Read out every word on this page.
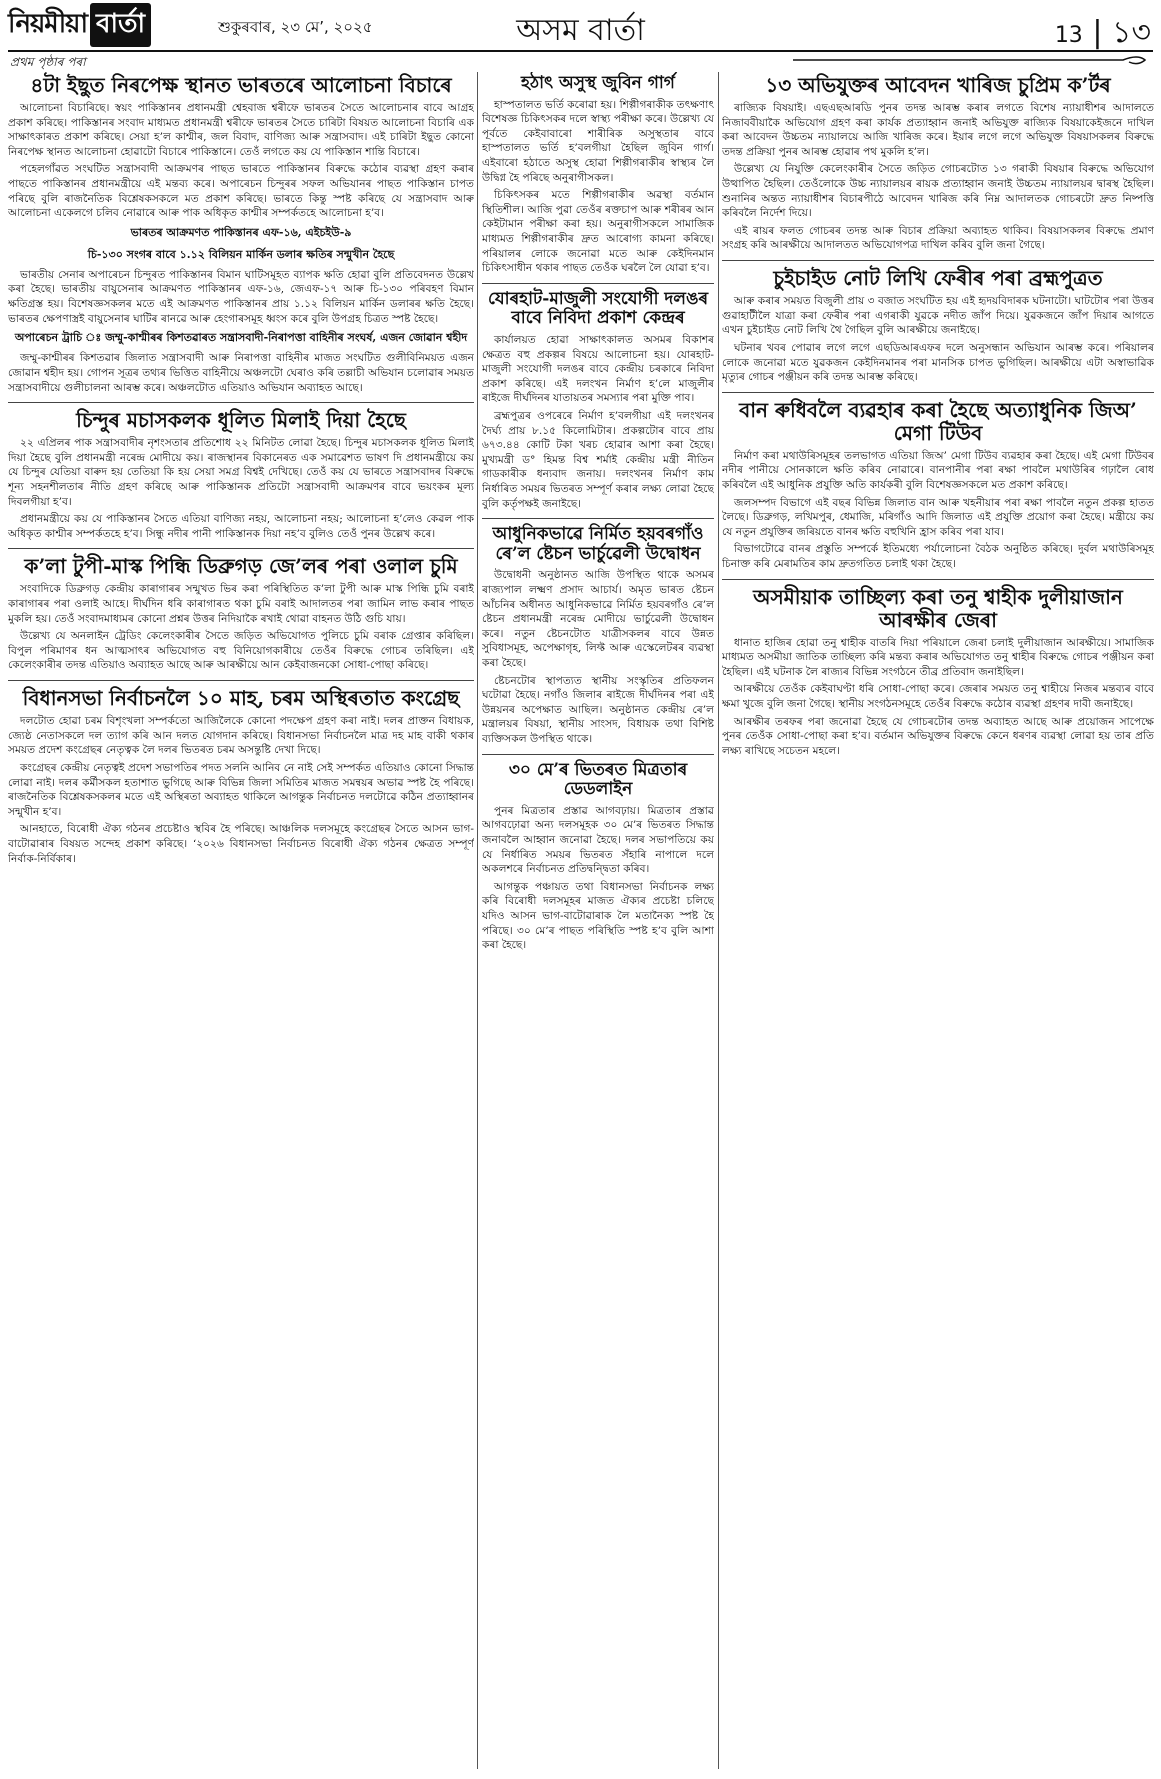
নিয়মীয়া বাৰ্তা	শুকুৰবাৰ, ২৩ মে’, ২০২৫	অসম বাৰ্তা	13 | ১৩
প্ৰথম পৃষ্ঠাৰ পৰা
৪টা ইছুত নিৰপেক্ষ স্থানত ভাৰতৰে আলোচনা বিচাৰে

আলোচনা বিচাৰিছে। স্বয়ং পাকিস্তানৰ প্ৰধানমন্ত্ৰী শ্বেহবাজ শ্বৰীফে ভাৰতৰ সৈতে আলোচনাৰ বাবে আগ্ৰহ প্ৰকাশ কৰিছে। পাকিস্তানৰ সংবাদ মাধ্যমত প্ৰধানমন্ত্ৰী শ্বৰীফে ভাৰতৰ সৈতে চাৰিটা বিষয়ত আলোচনা বিচাৰি এক সাক্ষাৎকাৰত প্ৰকাশ কৰিছে। সেয়া হ’ল কাশ্মীৰ, জল বিবাদ, বাণিজ্য আৰু সন্ত্ৰাসবাদ। এই চাৰিটা ইছুত কোনো নিৰপেক্ষ স্থানত আলোচনা হোৱাটো বিচাৰে পাকিস্তানে। তেওঁ লগতে কয় যে পাকিস্তান শান্তি বিচাৰে।

পহেলগাঁৱত সংঘটিত সন্ত্ৰাসবাদী আক্ৰমণৰ পাছত ভাৰতে পাকিস্তানৰ বিৰুদ্ধে কঠোৰ ব্যৱস্থা গ্ৰহণ কৰাৰ পাছতে পাকিস্তানৰ প্ৰধানমন্ত্ৰীয়ে এই মন্তব্য কৰে। অপাৰেচন চিন্দুৰৰ সফল অভিযানৰ পাছত পাকিস্তান চাপত পৰিছে বুলি ৰাজনৈতিক বিশ্লেষকসকলে মত প্ৰকাশ কৰিছে। ভাৰতে কিন্তু স্পষ্ট কৰিছে যে সন্ত্ৰাসবাদ আৰু আলোচনা একেলগে চলিব নোৱাৰে আৰু পাক অধিকৃত কাশ্মীৰ সম্পৰ্কতহে আলোচনা হ’ব।

ভাৰতৰ আক্ৰমণত পাকিস্তানৰ এফ-১৬, এইচইউ-৯
চি-১৩০ সংগৰ বাবে ১.১২ বিলিয়ন মাৰ্কিন ডলাৰ ক্ষতিৰ সন্মুখীন হৈছে

ভাৰতীয় সেনাৰ অপাৰেচন চিন্দুৰত পাকিস্তানৰ বিমান ঘাটিসমূহত ব্যাপক ক্ষতি হোৱা বুলি প্ৰতিবেদনত উল্লেখ কৰা হৈছে। ভাৰতীয় বায়ুসেনাৰ আক্ৰমণত পাকিস্তানৰ এফ-১৬, জেএফ-১৭ আৰু চি-১৩০ পৰিবহণ বিমান ক্ষতিগ্ৰস্ত হয়। বিশেষজ্ঞসকলৰ মতে এই আক্ৰমণত পাকিস্তানৰ প্ৰায় ১.১২ বিলিয়ন মাৰ্কিন ডলাৰৰ ক্ষতি হৈছে। ভাৰতৰ ক্ষেপণাস্ত্ৰই বায়ুসেনাৰ ঘাটিৰ ৰানৱে আৰু হেংগাৰসমূহ ধ্বংস কৰে বুলি উপগ্ৰহ চিত্ৰত স্পষ্ট হৈছে।

অপাৰেচন ট্ৰাচি ঃ জম্মু-কাশ্মীৰৰ কিশতৱাৰত সন্ত্ৰাসবাদী-নিৰাপত্তা বাহিনীৰ সংঘৰ্ষ, এজন জোৱান শ্বহীদ

জম্মু-কাশ্মীৰৰ কিশতৱাৰ জিলাত সন্ত্ৰাসবাদী আৰু নিৰাপত্তা বাহিনীৰ মাজত সংঘটিত গুলীবিনিময়ত এজন জোৱান শ্বহীদ হয়। গোপন সূত্ৰৰ তথ্যৰ ভিত্তিত বাহিনীয়ে অঞ্চলটো ঘেৰাও কৰি তল্লাচী অভিযান চলোৱাৰ সময়ত সন্ত্ৰাসবাদীয়ে গুলীচালনা আৰম্ভ কৰে। অঞ্চলটোত এতিয়াও অভিযান অব্যাহত আছে।

চিন্দুৰ মচাসকলক ধূলিত মিলাই দিয়া হৈছে

২২ এপ্ৰিলৰ পাক সন্ত্ৰাসবাদীৰ নৃশংসতাৰ প্ৰতিশোধ ২২ মিনিটত লোৱা হৈছে। চিন্দুৰ মচাসকলক ধূলিত মিলাই দিয়া হৈছে বুলি প্ৰধানমন্ত্ৰী নৰেন্দ্ৰ মোদীয়ে কয়। ৰাজস্থানৰ বিকানেৰত এক সমাৱেশত ভাষণ দি প্ৰধানমন্ত্ৰীয়ে কয় যে চিন্দুৰ যেতিয়া বাৰুদ হয় তেতিয়া কি হয় সেয়া সমগ্ৰ বিশ্বই দেখিছে। তেওঁ কয় যে ভাৰতে সন্ত্ৰাসবাদৰ বিৰুদ্ধে শূন্য সহনশীলতাৰ নীতি গ্ৰহণ কৰিছে আৰু পাকিস্তানক প্ৰতিটো সন্ত্ৰাসবাদী আক্ৰমণৰ বাবে ভয়ংকৰ মূল্য দিবলগীয়া হ’ব।

প্ৰধানমন্ত্ৰীয়ে কয় যে পাকিস্তানৰ সৈতে এতিয়া বাণিজ্য নহয়, আলোচনা নহয়; আলোচনা হ’লেও কেৱল পাক অধিকৃত কাশ্মীৰ সম্পৰ্কতহে হ’ব। সিন্ধু নদীৰ পানী পাকিস্তানক দিয়া নহ’ব বুলিও তেওঁ পুনৰ উল্লেখ কৰে।

ক’লা টুপী-মাস্ক পিন্ধি ডিব্ৰুগড় জে’লৰ পৰা ওলাল চুমি

সংবাদিকে ডিব্ৰুগড় কেন্দ্ৰীয় কাৰাগাৰৰ সন্মুখত ভিৰ কৰা পৰিস্থিতিত ক’লা টুপী আৰু মাস্ক পিন্ধি চুমি বৰাই কাৰাগাৰৰ পৰা ওলাই আহে। দীৰ্ঘদিন ধৰি কাৰাগাৰত থকা চুমি বৰাই আদালতৰ পৰা জামিন লাভ কৰাৰ পাছত মুকলি হয়। তেওঁ সংবাদমাধ্যমৰ কোনো প্ৰশ্নৰ উত্তৰ নিদিয়াকৈ ৰখাই থোৱা বাহনত উঠি গুচি যায়।

উল্লেখ্য যে অনলাইন ট্ৰেডিং কেলেংকাৰীৰ সৈতে জড়িত অভিযোগত পুলিচে চুমি বৰাক গ্ৰেপ্তাৰ কৰিছিল। বিপুল পৰিমাণৰ ধন আত্মসাৎৰ অভিযোগত বহু বিনিয়োগকাৰীয়ে তেওঁৰ বিৰুদ্ধে গোচৰ তৰিছিল। এই কেলেংকাৰীৰ তদন্ত এতিয়াও অব্যাহত আছে আৰু আৰক্ষীয়ে আন কেইবাজনকো সোধা-পোছা কৰিছে।

বিধানসভা নিৰ্বাচনলৈ ১০ মাহ, চৰম অস্থিৰতাত কংগ্ৰেছ

দলটোত হোৱা চৰম বিশৃংখলা সম্পৰ্কতো আজিলৈকে কোনো পদক্ষেপ গ্ৰহণ কৰা নাই। দলৰ প্ৰাক্তন বিধায়ক, জ্যেষ্ঠ নেতাসকলে দল ত্যাগ কৰি আন দলত যোগদান কৰিছে। বিধানসভা নিৰ্বাচনলৈ মাত্ৰ দহ মাহ বাকী থকাৰ সময়ত প্ৰদেশ কংগ্ৰেছৰ নেতৃত্বক লৈ দলৰ ভিতৰত চৰম অসন্তুষ্টি দেখা দিছে।

কংগ্ৰেছৰ কেন্দ্ৰীয় নেতৃত্বই প্ৰদেশ সভাপতিৰ পদত সলনি আনিব নে নাই সেই সম্পৰ্কত এতিয়াও কোনো সিদ্ধান্ত লোৱা নাই। দলৰ কৰ্মীসকল হতাশাত ভুগিছে আৰু বিভিন্ন জিলা সমিতিৰ মাজত সমন্বয়ৰ অভাৱ স্পষ্ট হৈ পৰিছে। ৰাজনৈতিক বিশ্লেষকসকলৰ মতে এই অস্থিৰতা অব্যাহত থাকিলে আগন্তুক নিৰ্বাচনত দলটোৱে কঠিন প্ৰত্যাহ্বানৰ সন্মুখীন হ’ব।

আনহাতে, বিৰোধী ঐক্য গঠনৰ প্ৰচেষ্টাও স্থবিৰ হৈ পৰিছে। আঞ্চলিক দলসমূহে কংগ্ৰেছৰ সৈতে আসন ভাগ-বাটোৱাৰাৰ বিষয়ত সন্দেহ প্ৰকাশ কৰিছে। ‘২০২৬ বিধানসভা নিৰ্বাচনত বিৰোধী ঐক্য গঠনৰ ক্ষেত্ৰত সম্পূৰ্ণ নিৰ্বাক-নিৰ্বিকাৰ।

হঠাৎ অসুস্থ জুবিন গাৰ্গ

হাস্পতালত ভৰ্তি কৰোৱা হয়। শিল্পীগৰাকীক তৎক্ষণাৎ বিশেষজ্ঞ চিকিৎসকৰ দলে স্বাস্থ্য পৰীক্ষা কৰে। উল্লেখ্য যে পূৰ্বতে কেইবাবাৰো শাৰীৰিক অসুস্থতাৰ বাবে হাস্পতালত ভৰ্তি হ’বলগীয়া হৈছিল জুবিন গাৰ্গ। এইবাৰো হঠাতে অসুস্থ হোৱা শিল্পীগৰাকীৰ স্বাস্থ্যৰ লৈ উদ্বিগ্ন হৈ পৰিছে অনুৰাগীসকল।

চিকিৎসকৰ মতে শিল্পীগৰাকীৰ অৱস্থা বৰ্তমান স্থিতিশীল। আজি পুৱা তেওঁৰ ৰক্তচাপ আৰু শৰীৰৰ আন কেইটামান পৰীক্ষা কৰা হয়। অনুৰাগীসকলে সামাজিক মাধ্যমত শিল্পীগৰাকীৰ দ্ৰুত আৰোগ্য কামনা কৰিছে। পৰিয়ালৰ লোকে জনোৱা মতে আৰু কেইদিনমান চিকিৎসাধীন থকাৰ পাছত তেওঁক ঘৰলৈ লৈ যোৱা হ’ব।

যোৰহাট-মাজুলী সংযোগী দলঙৰ বাবে নিবিদা প্ৰকাশ কেন্দ্ৰৰ

কাৰ্যালয়ত হোৱা সাক্ষাৎকালত অসমৰ বিকাশৰ ক্ষেত্ৰত বহু প্ৰকল্পৰ বিষয়ে আলোচনা হয়। যোৰহাট-মাজুলী সংযোগী দলঙৰ বাবে কেন্দ্ৰীয় চৰকাৰে নিবিদা প্ৰকাশ কৰিছে। এই দলংখন নিৰ্মাণ হ’লে মাজুলীৰ ৰাইজে দীৰ্ঘদিনৰ যাতায়তৰ সমস্যাৰ পৰা মুক্তি পাব।

ব্ৰহ্মপুত্ৰৰ ওপৰেৰে নিৰ্মাণ হ’বলগীয়া এই দলংখনৰ দৈৰ্ঘ্য প্ৰায় ৮.১৫ কিলোমিটাৰ। প্ৰকল্পটোৰ বাবে প্ৰায় ৬৭৩.৪৪ কোটি টকা খৰচ হোৱাৰ আশা কৰা হৈছে। মুখ্যমন্ত্ৰী ড° হিমন্ত বিশ্ব শৰ্মাই কেন্দ্ৰীয় মন্ত্ৰী নীতিন গাডকাৰীক ধন্যবাদ জনায়। দলংখনৰ নিৰ্মাণ কাম নিৰ্ধাৰিত সময়ৰ ভিতৰত সম্পূৰ্ণ কৰাৰ লক্ষ্য লোৱা হৈছে বুলি কৰ্তৃপক্ষই জনাইছে।

আধুনিকভাৱে নিৰ্মিত হয়বৰগাঁও ৰে’ল ষ্টেচন ভাৰ্চুৱেলী উদ্বোধন

উদ্বোধনী অনুষ্ঠানত আজি উপস্থিত থাকে অসমৰ ৰাজ্যপাল লক্ষ্মণ প্ৰসাদ আচাৰ্য। অমৃত ভাৰত ষ্টেচন আঁচনিৰ অধীনত আধুনিকভাৱে নিৰ্মিত হয়বৰগাঁও ৰে’ল ষ্টেচন প্ৰধানমন্ত্ৰী নৰেন্দ্ৰ মোদীয়ে ভাৰ্চুৱেলী উদ্বোধন কৰে। নতুন ষ্টেচনটোত যাত্ৰীসকলৰ বাবে উন্নত সুবিধাসমূহ, অপেক্ষাগৃহ, লিফ্ট আৰু এস্কেলেটৰৰ ব্যৱস্থা কৰা হৈছে।

ষ্টেচনটোৰ স্থাপত্যত স্থানীয় সংস্কৃতিৰ প্ৰতিফলন ঘটোৱা হৈছে। নগাঁও জিলাৰ ৰাইজে দীৰ্ঘদিনৰ পৰা এই উন্নয়নৰ অপেক্ষাত আছিল। অনুষ্ঠানত কেন্দ্ৰীয় ৰে’ল মন্ত্ৰালয়ৰ বিষয়া, স্থানীয় সাংসদ, বিধায়ক তথা বিশিষ্ট ব্যক্তিসকল উপস্থিত থাকে।

৩০ মে’ৰ ভিতৰত মিত্ৰতাৰ ডেডলাইন

পুনৰ মিত্ৰতাৰ প্ৰস্তাৱ আগবঢ়ায়। মিত্ৰতাৰ প্ৰস্তাৱ আগবঢ়োৱা অন্য দলসমূহক ৩০ মে’ৰ ভিতৰত সিদ্ধান্ত জনাবলৈ আহ্বান জনোৱা হৈছে। দলৰ সভাপতিয়ে কয় যে নিৰ্ধাৰিত সময়ৰ ভিতৰত সঁহাৰি নাপালে দলে অকলশৰে নিৰ্বাচনত প্ৰতিদ্বন্দ্বিতা কৰিব।

আগন্তুক পঞ্চায়ত তথা বিধানসভা নিৰ্বাচনক লক্ষ্য কৰি বিৰোধী দলসমূহৰ মাজত ঐক্যৰ প্ৰচেষ্টা চলিছে যদিও আসন ভাগ-বাটোৱাৰাক লৈ মতানৈক্য স্পষ্ট হৈ পৰিছে। ৩০ মে’ৰ পাছত পৰিস্থিতি স্পষ্ট হ’ব বুলি আশা কৰা হৈছে।

১৩ অভিযুক্তৰ আবেদন খাৰিজ চুপ্ৰিম ক’ৰ্টৰ

ৰাজ্যিক বিষয়াই। এছএছআৰডি পুনৰ তদন্ত আৰম্ভ কৰাৰ লগতে বিশেষ ন্যায়াধীশৰ আদালতে নিজাববীয়াকৈ অভিযোগ গ্ৰহণ কৰা কাৰ্যক প্ৰত্যাহ্বান জনাই অভিযুক্ত ৰাজ্যিক বিষয়াকেইজনে দাখিল কৰা আবেদন উচ্চতম ন্যায়ালয়ে আজি খাৰিজ কৰে। ইয়াৰ লগে লগে অভিযুক্ত বিষয়াসকলৰ বিৰুদ্ধে তদন্ত প্ৰক্ৰিয়া পুনৰ আৰম্ভ হোৱাৰ পথ মুকলি হ’ল।

উল্লেখ্য যে নিযুক্তি কেলেংকাৰীৰ সৈতে জড়িত গোচৰটোত ১৩ গৰাকী বিষয়াৰ বিৰুদ্ধে অভিযোগ উত্থাপিত হৈছিল। তেওঁলোকে উচ্চ ন্যায়ালয়ৰ ৰায়ক প্ৰত্যাহ্বান জনাই উচ্চতম ন্যায়ালয়ৰ দ্বাৰস্থ হৈছিল। শুনানিৰ অন্তত ন্যায়াধীশৰ বিচাৰপীঠে আবেদন খাৰিজ কৰি নিম্ন আদালতক গোচৰটো দ্ৰুত নিষ্পত্তি কৰিবলৈ নিৰ্দেশ দিয়ে।

এই ৰায়ৰ ফলত গোচৰৰ তদন্ত আৰু বিচাৰ প্ৰক্ৰিয়া অব্যাহত থাকিব। বিষয়াসকলৰ বিৰুদ্ধে প্ৰমাণ সংগ্ৰহ কৰি আৰক্ষীয়ে আদালতত অভিযোগপত্ৰ দাখিল কৰিব বুলি জনা গৈছে।

চুইচাইড নোট লিখি ফেৰীৰ পৰা ব্ৰহ্মপুত্ৰত

আৰু কৰাৰ সময়ত বিজুলী প্ৰায় ৩ বজাত সংঘটিত হয় এই হৃদয়বিদাৰক ঘটনাটো। ঘাটটোৰ পৰা উত্তৰ গুৱাহাটীলৈ যাত্ৰা কৰা ফেৰীৰ পৰা এগৰাকী যুৱকে নদীত জাঁপ দিয়ে। যুৱকজনে জাঁপ দিয়াৰ আগতে এখন চুইচাইড নোট লিখি থৈ গৈছিল বুলি আৰক্ষীয়ে জনাইছে।

ঘটনাৰ খবৰ পোৱাৰ লগে লগে এছডিআৰএফৰ দলে অনুসন্ধান অভিযান আৰম্ভ কৰে। পৰিয়ালৰ লোকে জনোৱা মতে যুৱকজন কেইদিনমানৰ পৰা মানসিক চাপত ভুগিছিল। আৰক্ষীয়ে এটা অস্বাভাৱিক মৃত্যুৰ গোচৰ পঞ্জীয়ন কৰি তদন্ত আৰম্ভ কৰিছে।

বান ৰুধিবলৈ ব্যৱহাৰ কৰা হৈছে অত্যাধুনিক জিঅ’ মেগা টিউব

নিৰ্মাণ কৰা মথাউৰিসমূহৰ তলভাগত এতিয়া জিঅ’ মেগা টিউব ব্যৱহাৰ কৰা হৈছে। এই মেগা টিউবৰ নদীৰ পানীয়ে সোনকালে ক্ষতি কৰিব নোৱাৰে। বানপানীৰ পৰা ৰক্ষা পাবলৈ মথাউৰিৰ গঢ়ালৈ ৰোধ কৰিবলৈ এই আধুনিক প্ৰযুক্তি অতি কাৰ্যকৰী বুলি বিশেষজ্ঞসকলে মত প্ৰকাশ কৰিছে।

জলসম্পদ বিভাগে এই বছৰ বিভিন্ন জিলাত বান আৰু খহনীয়াৰ পৰা ৰক্ষা পাবলৈ নতুন প্ৰকল্প হাতত লৈছে। ডিব্ৰুগড়, লখিমপুৰ, ধেমাজি, মৰিগাঁও আদি জিলাত এই প্ৰযুক্তি প্ৰয়োগ কৰা হৈছে। মন্ত্ৰীয়ে কয় যে নতুন প্ৰযুক্তিৰ জৰিয়তে বানৰ ক্ষতি বহুখিনি হ্ৰাস কৰিব পৰা যাব।

বিভাগটোৱে বানৰ প্ৰস্তুতি সম্পৰ্কে ইতিমধ্যে পৰ্যালোচনা বৈঠক অনুষ্ঠিত কৰিছে। দুৰ্বল মথাউৰিসমূহ চিনাক্ত কৰি মেৰামতিৰ কাম দ্ৰুতগতিত চলাই থকা হৈছে।

অসমীয়াক তাচ্ছিল্য কৰা তনু শ্বাহীক দুলীয়াজান আৰক্ষীৰ জেৰা

ধানাত হাজিৰ হোৱা তনু শ্বাহীক বাতৰি দিয়া পৰিয়ালে জেৰা চলাই দুলীয়াজান আৰক্ষীয়ে। সামাজিক মাধ্যমত অসমীয়া জাতিক তাচ্ছিল্য কৰি মন্তব্য কৰাৰ অভিযোগত তনু শ্বাহীৰ বিৰুদ্ধে গোচৰ পঞ্জীয়ন কৰা হৈছিল। এই ঘটনাক লৈ ৰাজ্যৰ বিভিন্ন সংগঠনে তীব্ৰ প্ৰতিবাদ জনাইছিল।

আৰক্ষীয়ে তেওঁক কেইবাঘণ্টা ধৰি সোধা-পোছা কৰে। জেৰাৰ সময়ত তনু শ্বাহীয়ে নিজৰ মন্তব্যৰ বাবে ক্ষমা খুজে বুলি জনা গৈছে। স্থানীয় সংগঠনসমূহে তেওঁৰ বিৰুদ্ধে কঠোৰ ব্যৱস্থা গ্ৰহণৰ দাবী জনাইছে।

আৰক্ষীৰ তৰফৰ পৰা জনোৱা হৈছে যে গোচৰটোৰ তদন্ত অব্যাহত আছে আৰু প্ৰয়োজন সাপেক্ষে পুনৰ তেওঁক সোধা-পোছা কৰা হ’ব। বৰ্তমান অভিযুক্তৰ বিৰুদ্ধে কেনে ধৰণৰ ব্যৱস্থা লোৱা হয় তাৰ প্ৰতি লক্ষ্য ৰাখিছে সচেতন মহলে।
